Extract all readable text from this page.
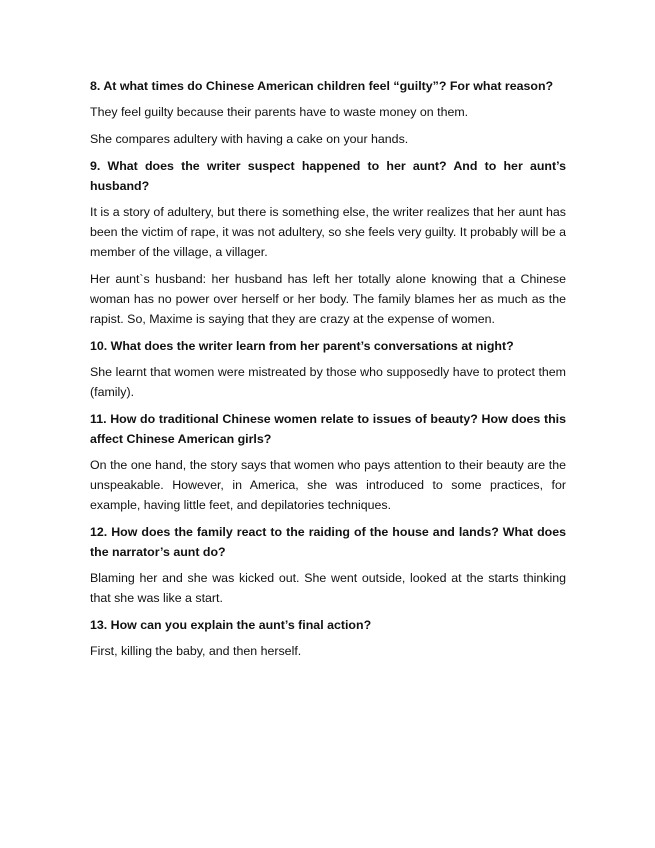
8. At what times do Chinese American children feel “guilty”? For what reason?

They feel guilty because their parents have to waste money on them.

She compares adultery with having a cake on your hands.

9. What does the writer suspect happened to her aunt? And to her aunt’s husband?

It is a story of adultery, but there is something else, the writer realizes that her aunt has been the victim of rape, it was not adultery, so she feels very guilty. It probably will be a member of the village, a villager.

Her aunt`s husband: her husband has left her totally alone knowing that a Chinese woman has no power over herself or her body. The family blames her as much as the rapist. So, Maxime is saying that they are crazy at the expense of women.

10. What does the writer learn from her parent’s conversations at night?

She learnt that women were mistreated by those who supposedly have to protect them (family).

11. How do traditional Chinese women relate to issues of beauty? How does this affect Chinese American girls?

On the one hand, the story says that women who pays attention to their beauty are the unspeakable. However, in America, she was introduced to some practices, for example, having little feet, and depilatories techniques.

12. How does the family react to the raiding of the house and lands? What does the narrator’s aunt do?

Blaming her and she was kicked out. She went outside, looked at the starts thinking that she was like a start.

13. How can you explain the aunt’s final action?

First, killing the baby, and then herself.
